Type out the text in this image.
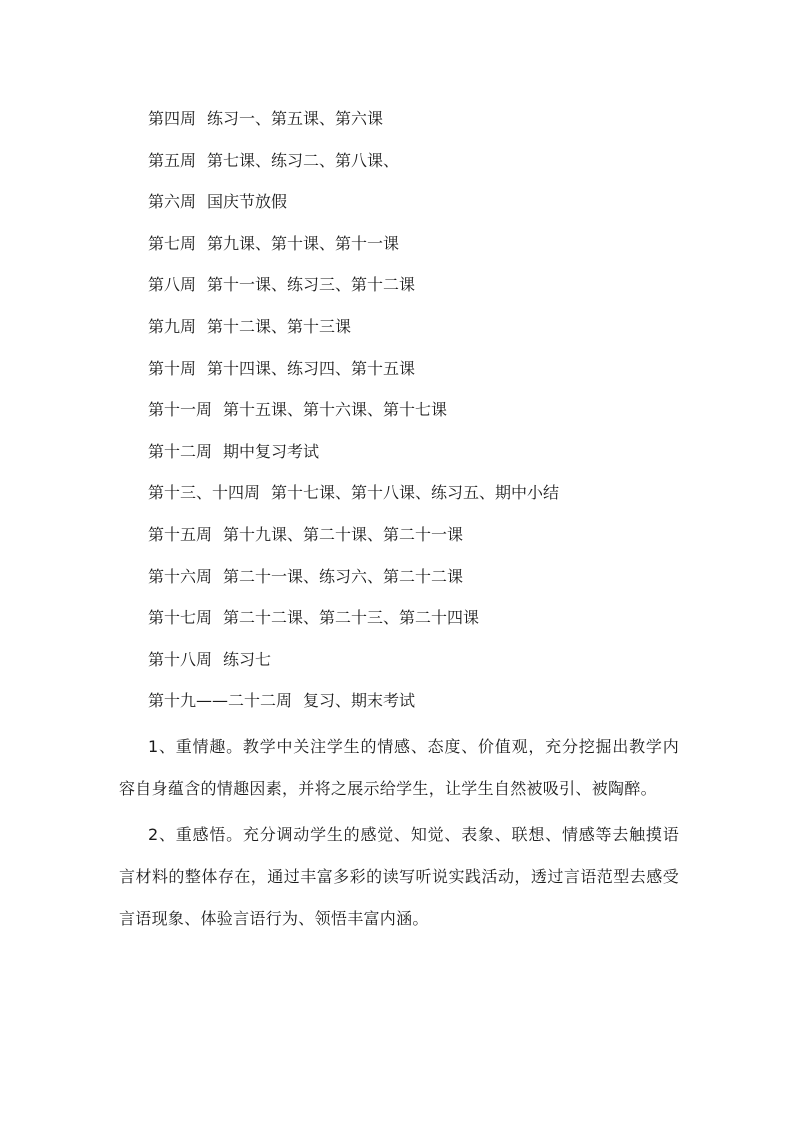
第四周 练习一、第五课、第六课
第五周 第七课、练习二、第八课、
第六周 国庆节放假
第七周 第九课、第十课、第十一课
第八周 第十一课、练习三、第十二课
第九周 第十二课、第十三课
第十周 第十四课、练习四、第十五课
第十一周 第十五课、第十六课、第十七课
第十二周 期中复习考试
第十三、十四周 第十七课、第十八课、练习五、期中小结
第十五周 第十九课、第二十课、第二十一课
第十六周 第二十一课、练习六、第二十二课
第十七周 第二十二课、第二十三、第二十四课
第十八周 练习七
第十九——二十二周 复习、期末考试

1、重情趣。教学中关注学生的情感、态度、价值观，充分挖掘出教学内容自身蕴含的情趣因素，并将之展示给学生，让学生自然被吸引、被陶醉。

2、重感悟。充分调动学生的感觉、知觉、表象、联想、情感等去触摸语言材料的整体存在，通过丰富多彩的读写听说实践活动，透过言语范型去感受言语现象、体验言语行为、领悟丰富内涵。
